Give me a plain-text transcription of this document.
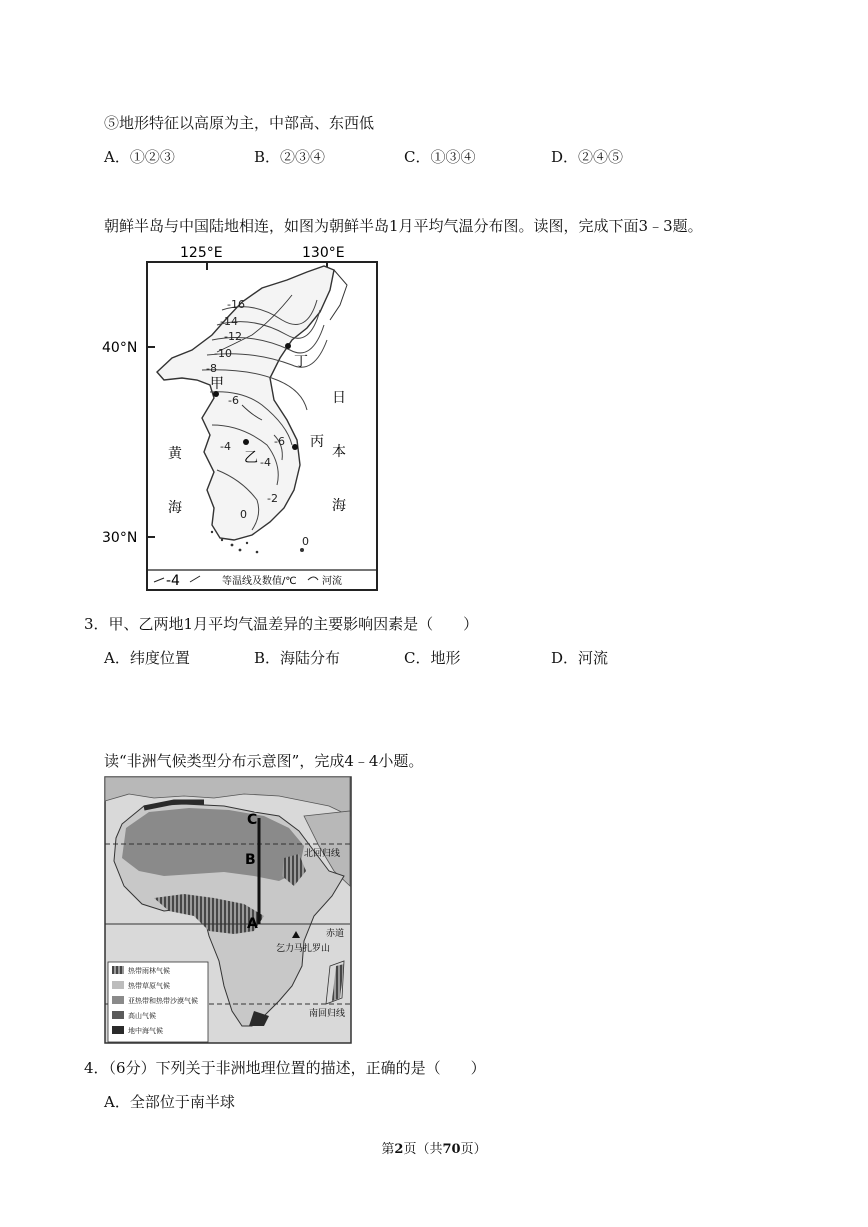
⑤地形特征以高原为主，中部高、东西低
A．①②③	B．②③④	C．①③④	D．②④⑤
朝鲜半岛与中国陆地相连，如图为朝鲜半岛1月平均气温分布图。读图，完成下面3﹣3题。
125°E	130°E
40°N
30°N
-16
-14
-12
-10
-8
-6
-6
-4
-2
0
0
-4
丁
甲
乙
丙
黄
海
日
本
海
-4	等温线及数值/℃	河流
3．甲、乙两地1月平均气温差异的主要影响因素是（　　）
A．纬度位置	B．海陆分布	C．地形	D．河流
读“非洲气候类型分布示意图”，完成4﹣4小题。
C
B
A
北回归线
赤道
南回归线
乞力马扎罗山
热带雨林气候
热带草原气候
亚热带和热带沙漠气候
高山气候
地中海气候
4．（6分）下列关于非洲地理位置的描述，正确的是（　　）
A．全部位于南半球
第2页（共70页）
